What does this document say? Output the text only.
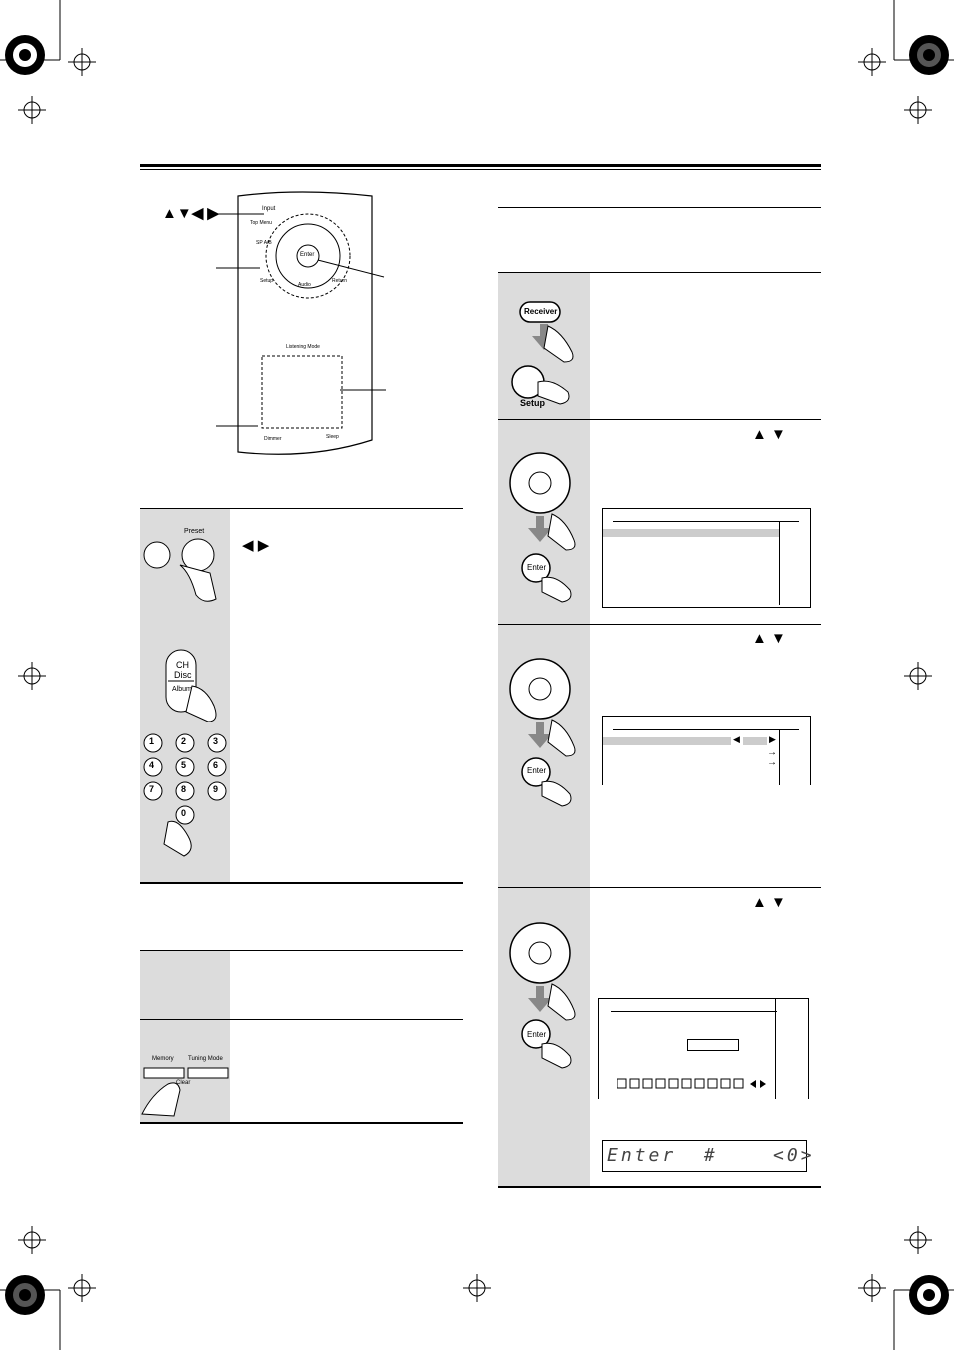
▲▼◀ ▶
Enter
Input
Top Menu
Setup
Audio
Return
SP A/B
Listening Mode
Sleep
Dimmer
◀ ▶
Preset
CH
Disc
Album
1	2	3
4	5	6
7	8	9
0
Memory Tuning Mode
Clear
Receiver
Setup
▲ ▼
Enter
▲ ▼
Enter
◀	▶
→
→
▲ ▼
Enter
Enter  #    <0>
